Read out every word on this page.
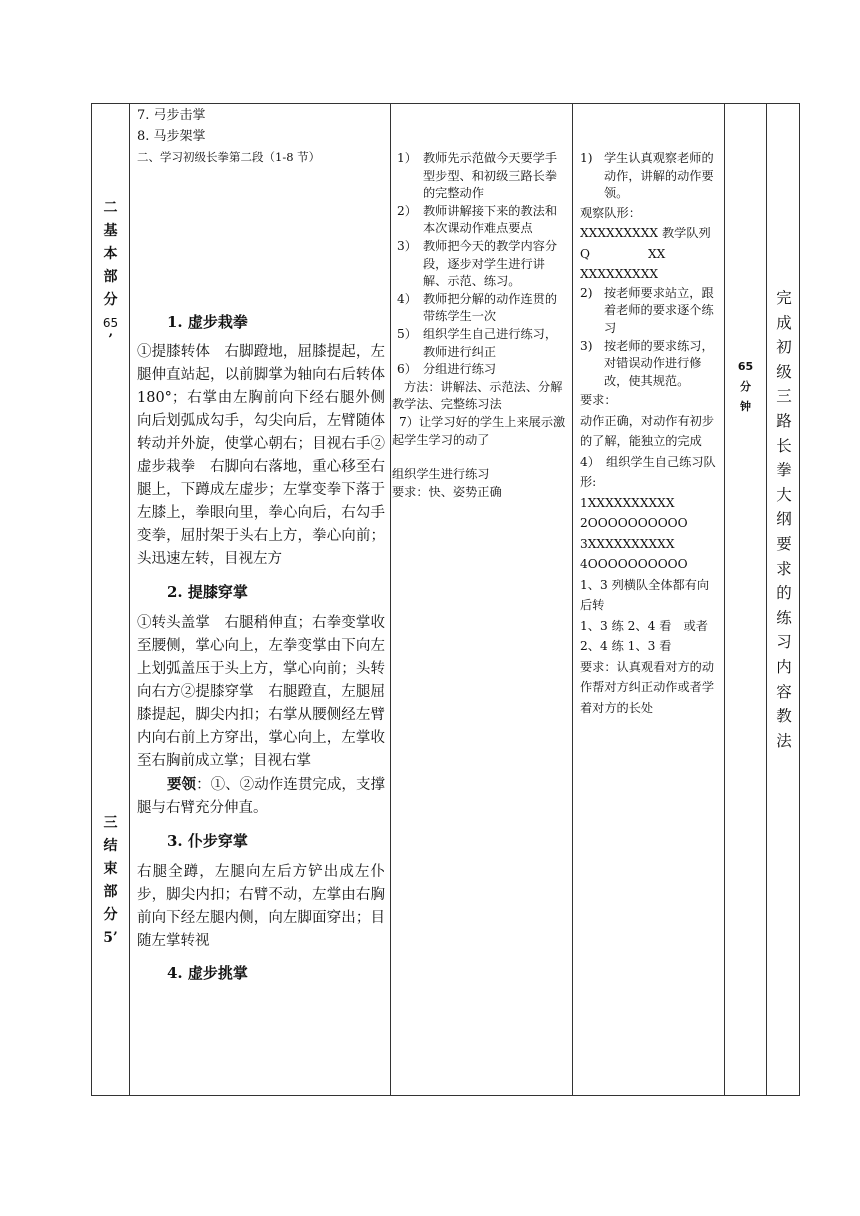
二
基
本
部
分
65
’
三
结
束
部
分
5’

7. 弓步击掌

8. 马步架掌

二、学习初级长拳第二段（1-8 节）

1. 虚步栽拳

①提膝转体　右脚蹬地，屈膝提起，左腿伸直站起，以前脚掌为轴向右后转体 180°；右掌由左胸前向下经右腿外侧向后划弧成勾手，勾尖向后，左臂随体转动并外旋，使掌心朝右；目视右手②虚步栽拳　右脚向右落地，重心移至右腿上，下蹲成左虚步；左掌变拳下落于左膝上，拳眼向里，拳心向后，右勾手变拳，屈肘架于头右上方，拳心向前；头迅速左转，目视左方

2. 提膝穿掌

①转头盖掌　右腿稍伸直；右拳变掌收至腰侧，掌心向上，左拳变掌由下向左上划弧盖压于头上方，掌心向前；头转向右方②提膝穿掌　右腿蹬直，左腿屈膝提起，脚尖内扣；右掌从腰侧经左臂内向右前上方穿出，掌心向上，左掌收至右胸前成立掌；目视右掌

要领：①、②动作连贯完成，支撑腿与右臂充分伸直。

3. 仆步穿掌

右腿全蹲，左腿向左后方铲出成左仆步，脚尖内扣；右臂不动，左掌由右胸前向下经左腿内侧，向左脚面穿出；目随左掌转视

4. 虚步挑掌

1） 教师先示范做今天要学手型步型、和初级三路长拳的完整动作
2） 教师讲解接下来的教法和本次课动作难点要点
3） 教师把今天的教学内容分段，逐步对学生进行讲解、示范、练习。
4） 教师把分解的动作连贯的带练学生一次
5） 组织学生自己进行练习，教师进行纠正
6） 分组进行练习

方法：讲解法、示范法、分解教学法、完整练习法

7）让学习好的学生上来展示激起学生学习的动了

组织学生进行练习

要求：快、姿势正确

1) 学生认真观察老师的动作，讲解的动作要领。

观察队形：

XXXXXXXXX 教学队列

Q	XX

XXXXXXXXX

2) 按老师要求站立，跟着老师的要求逐个练习
3) 按老师的要求练习，对错误动作进行修改，使其规范。

要求：

动作正确，对动作有初步的了解，能独立的完成

4）　组织学生自己练习队形:

1XXXXXXXXXX

2OOOOOOOOOO

3XXXXXXXXXX

4OOOOOOOOOO

1、3 列横队全体都有向后转

1、3 练 2、4 看　或者 2、4 练 1、3 看

要求：认真观看对方的动作帮对方纠正动作或者学着对方的长处

65
分
钟
完
成
初
级
三
路
长
拳
大
纲
要
求
的
练
习
内
容
教
法
